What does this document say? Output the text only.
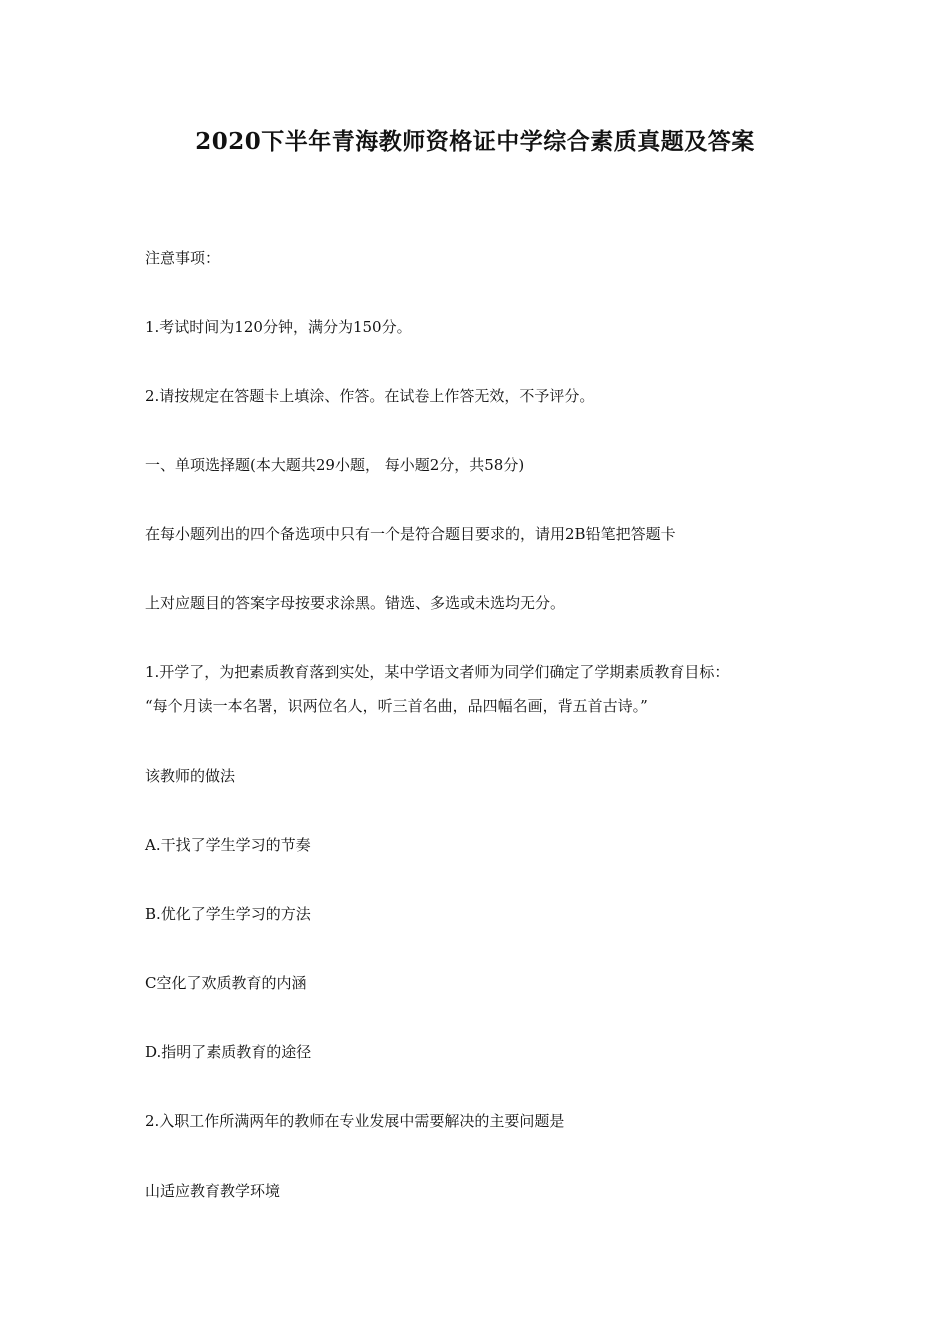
2020下半年青海教师资格证中学综合素质真题及答案
注意事项：
1.考试时间为120分钟，满分为150分。
2.请按规定在答题卡上填涂、作答。在试卷上作答无效，不予评分。
一、单项选择题(本大题共29小题， 每小题2分，共58分)
在每小题列出的四个备选项中只有一个是符合题目要求的，请用2B铅笔把答题卡
上对应题目的答案字母按要求涂黑。错选、多选或未选均无分。
1.开学了，为把素质教育落到实处，某中学语文者师为同学们确定了学期素质教育目标：
“每个月读一本名署，识两位名人，听三首名曲，品四幅名画，背五首古诗。”
该教师的做法
A.干找了学生学习的节奏
B.优化了学生学习的方法
C空化了欢质教育的内涵
D.指明了素质教育的途径
2.入职工作所满两年的教师在专业发展中需要解决的主要问题是
山适应教育教学环境
